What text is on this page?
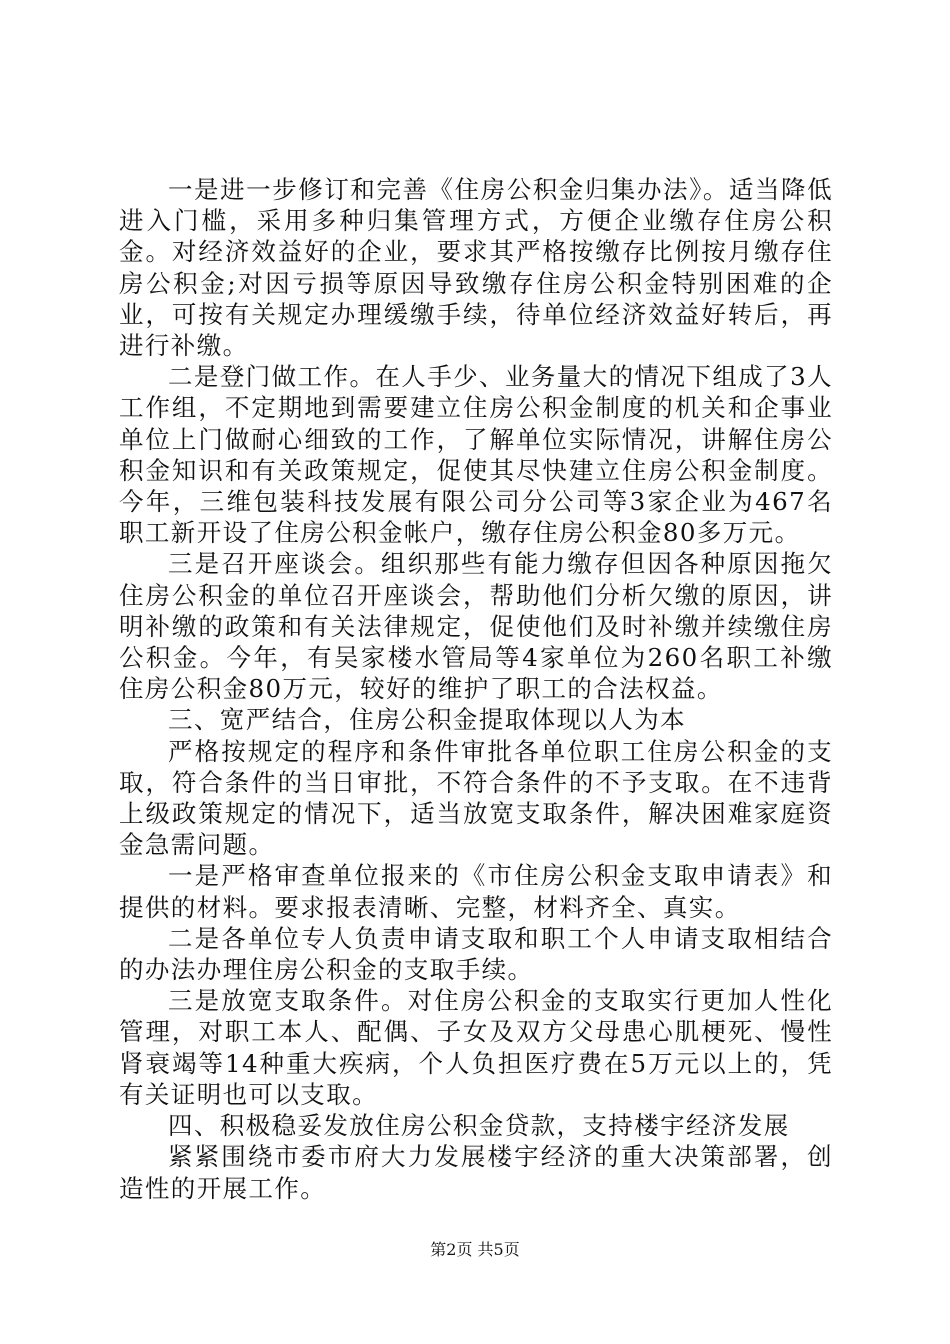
一是进一步修订和完善《住房公积金归集办法》。适当降低进入门槛，采用多种归集管理方式，方便企业缴存住房公积金。对经济效益好的企业，要求其严格按缴存比例按月缴存住房公积金;对因亏损等原因导致缴存住房公积金特别困难的企业，可按有关规定办理缓缴手续，待单位经济效益好转后，再进行补缴。

二是登门做工作。在人手少、业务量大的情况下组成了3人工作组，不定期地到需要建立住房公积金制度的机关和企事业单位上门做耐心细致的工作，了解单位实际情况，讲解住房公积金知识和有关政策规定，促使其尽快建立住房公积金制度。今年，三维包装科技发展有限公司分公司等3家企业为467名职工新开设了住房公积金帐户，缴存住房公积金80多万元。

三是召开座谈会。组织那些有能力缴存但因各种原因拖欠住房公积金的单位召开座谈会，帮助他们分析欠缴的原因，讲明补缴的政策和有关法律规定，促使他们及时补缴并续缴住房公积金。今年，有吴家楼水管局等4家单位为260名职工补缴住房公积金80万元，较好的维护了职工的合法权益。

三、宽严结合，住房公积金提取体现以人为本

严格按规定的程序和条件审批各单位职工住房公积金的支取，符合条件的当日审批，不符合条件的不予支取。在不违背上级政策规定的情况下，适当放宽支取条件，解决困难家庭资金急需问题。

一是严格审查单位报来的《市住房公积金支取申请表》和提供的材料。要求报表清晰、完整，材料齐全、真实。

二是各单位专人负责申请支取和职工个人申请支取相结合的办法办理住房公积金的支取手续。

三是放宽支取条件。对住房公积金的支取实行更加人性化管理，对职工本人、配偶、子女及双方父母患心肌梗死、慢性肾衰竭等14种重大疾病，个人负担医疗费在5万元以上的，凭有关证明也可以支取。

四、积极稳妥发放住房公积金贷款，支持楼宇经济发展

紧紧围绕市委市府大力发展楼宇经济的重大决策部署，创造性的开展工作。

第2页 共5页
